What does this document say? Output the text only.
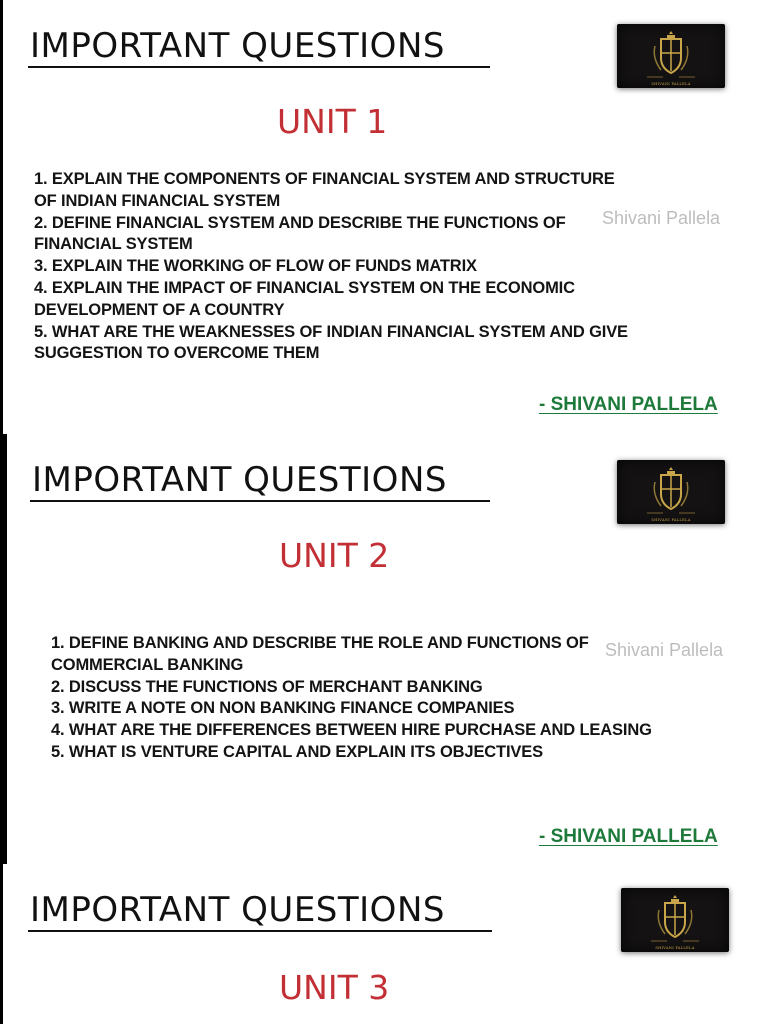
IMPORTANT QUESTIONS
SHIVANI PALLELA
UNIT 1
1. EXPLAIN THE COMPONENTS OF FINANCIAL SYSTEM AND STRUCTURE
OF INDIAN FINANCIAL SYSTEM
2. DEFINE FINANCIAL SYSTEM AND DESCRIBE THE FUNCTIONS OF
FINANCIAL SYSTEM
3. EXPLAIN THE WORKING OF FLOW OF FUNDS MATRIX
4. EXPLAIN THE IMPACT OF FINANCIAL SYSTEM ON THE ECONOMIC
DEVELOPMENT OF A COUNTRY
5. WHAT ARE THE WEAKNESSES OF INDIAN FINANCIAL SYSTEM AND GIVE
SUGGESTION TO OVERCOME THEM
Shivani Pallela
- SHIVANI PALLELA
IMPORTANT QUESTIONS
SHIVANI PALLELA
UNIT 2
1. DEFINE BANKING AND DESCRIBE THE ROLE AND FUNCTIONS OF
COMMERCIAL BANKING
2. DISCUSS THE FUNCTIONS OF MERCHANT BANKING
3. WRITE A NOTE ON NON BANKING FINANCE COMPANIES
4. WHAT ARE THE DIFFERENCES BETWEEN HIRE PURCHASE AND LEASING
5. WHAT IS VENTURE CAPITAL AND EXPLAIN ITS OBJECTIVES
Shivani Pallela
- SHIVANI PALLELA
IMPORTANT QUESTIONS
SHIVANI PALLELA
UNIT 3
